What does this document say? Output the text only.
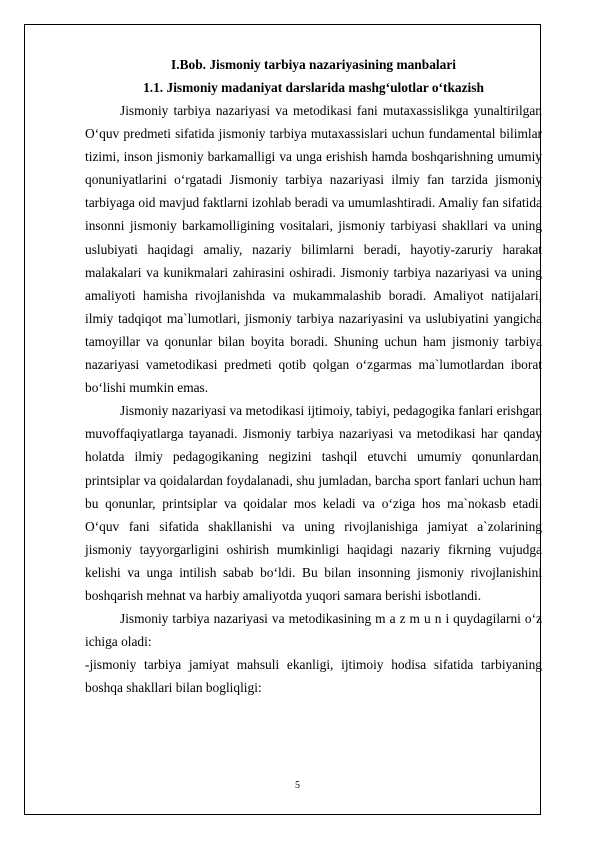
I.Bob. Jismoniy tarbiya nazariyasining manbalari

1.1. Jismoniy madaniyat darslarida mashg‘ulotlar o‘tkazish

Jismoniy tarbiya nazariyasi va metodikasi fani mutaxassislikga yunaltirilgan O‘quv predmeti sifatida jismoniy tarbiya mutaxassislari uchun fundamental bilimlar tizimi, inson jismoniy barkamalligi va unga erishish hamda boshqarishning umumiy qonuniyatlarini o‘rgatadi Jismoniy tarbiya nazariyasi ilmiy fan tarzida jismoniy tarbiyaga oid mavjud faktlarni izohlab beradi va umumlashtiradi. Amaliy fan sifatida insonni jismoniy barkamolligining vositalari, jismoniy tarbiyasi shakllari va uning uslubiyati haqidagi amaliy, nazariy bilimlarni beradi, hayotiy-zaruriy harakat malakalari va kunikmalari zahirasini oshiradi. Jismoniy tarbiya nazariyasi va uning amaliyoti hamisha rivojlanishda va mukammalashib boradi. Amaliyot natijalari, ilmiy tadqiqot ma`lumotlari, jismoniy tarbiya nazariyasini va uslubiyatini yangicha tamoyillar va qonunlar bilan boyita boradi. Shuning uchun ham jismoniy tarbiya nazariyasi vametodikasi predmeti qotib qolgan o‘zgarmas ma`lumotlardan iborat bo‘lishi mumkin emas.

Jismoniy nazariyasi va metodikasi ijtimoiy, tabiyi, pedagogika fanlari erishgan muvoffaqiyatlarga tayanadi. Jismoniy tarbiya nazariyasi va metodikasi har qanday holatda ilmiy pedagogikaning negizini tashqil etuvchi umumiy qonunlardan, printsiplar va qoidalardan foydalanadi, shu jumladan, barcha sport fanlari uchun ham bu qonunlar, printsiplar va qoidalar mos keladi va o‘ziga hos ma`nokasb etadi. O‘quv fani sifatida shakllanishi va uning rivojlanishiga jamiyat a`zolarining jismoniy tayyorgarligini oshirish mumkinligi haqidagi nazariy fikrning vujudga kelishi va unga intilish sabab bo‘ldi. Bu bilan insonning jismoniy rivojlanishini boshqarish mehnat va harbiy amaliyotda yuqori samara berishi isbotlandi.

Jismoniy tarbiya nazariyasi va metodikasining m a z m u n i quydagilarni o‘z ichiga oladi:

-jismoniy tarbiya jamiyat mahsuli ekanligi, ijtimoiy hodisa sifatida tarbiyaning boshqa shakllari bilan bogliqligi:

5
